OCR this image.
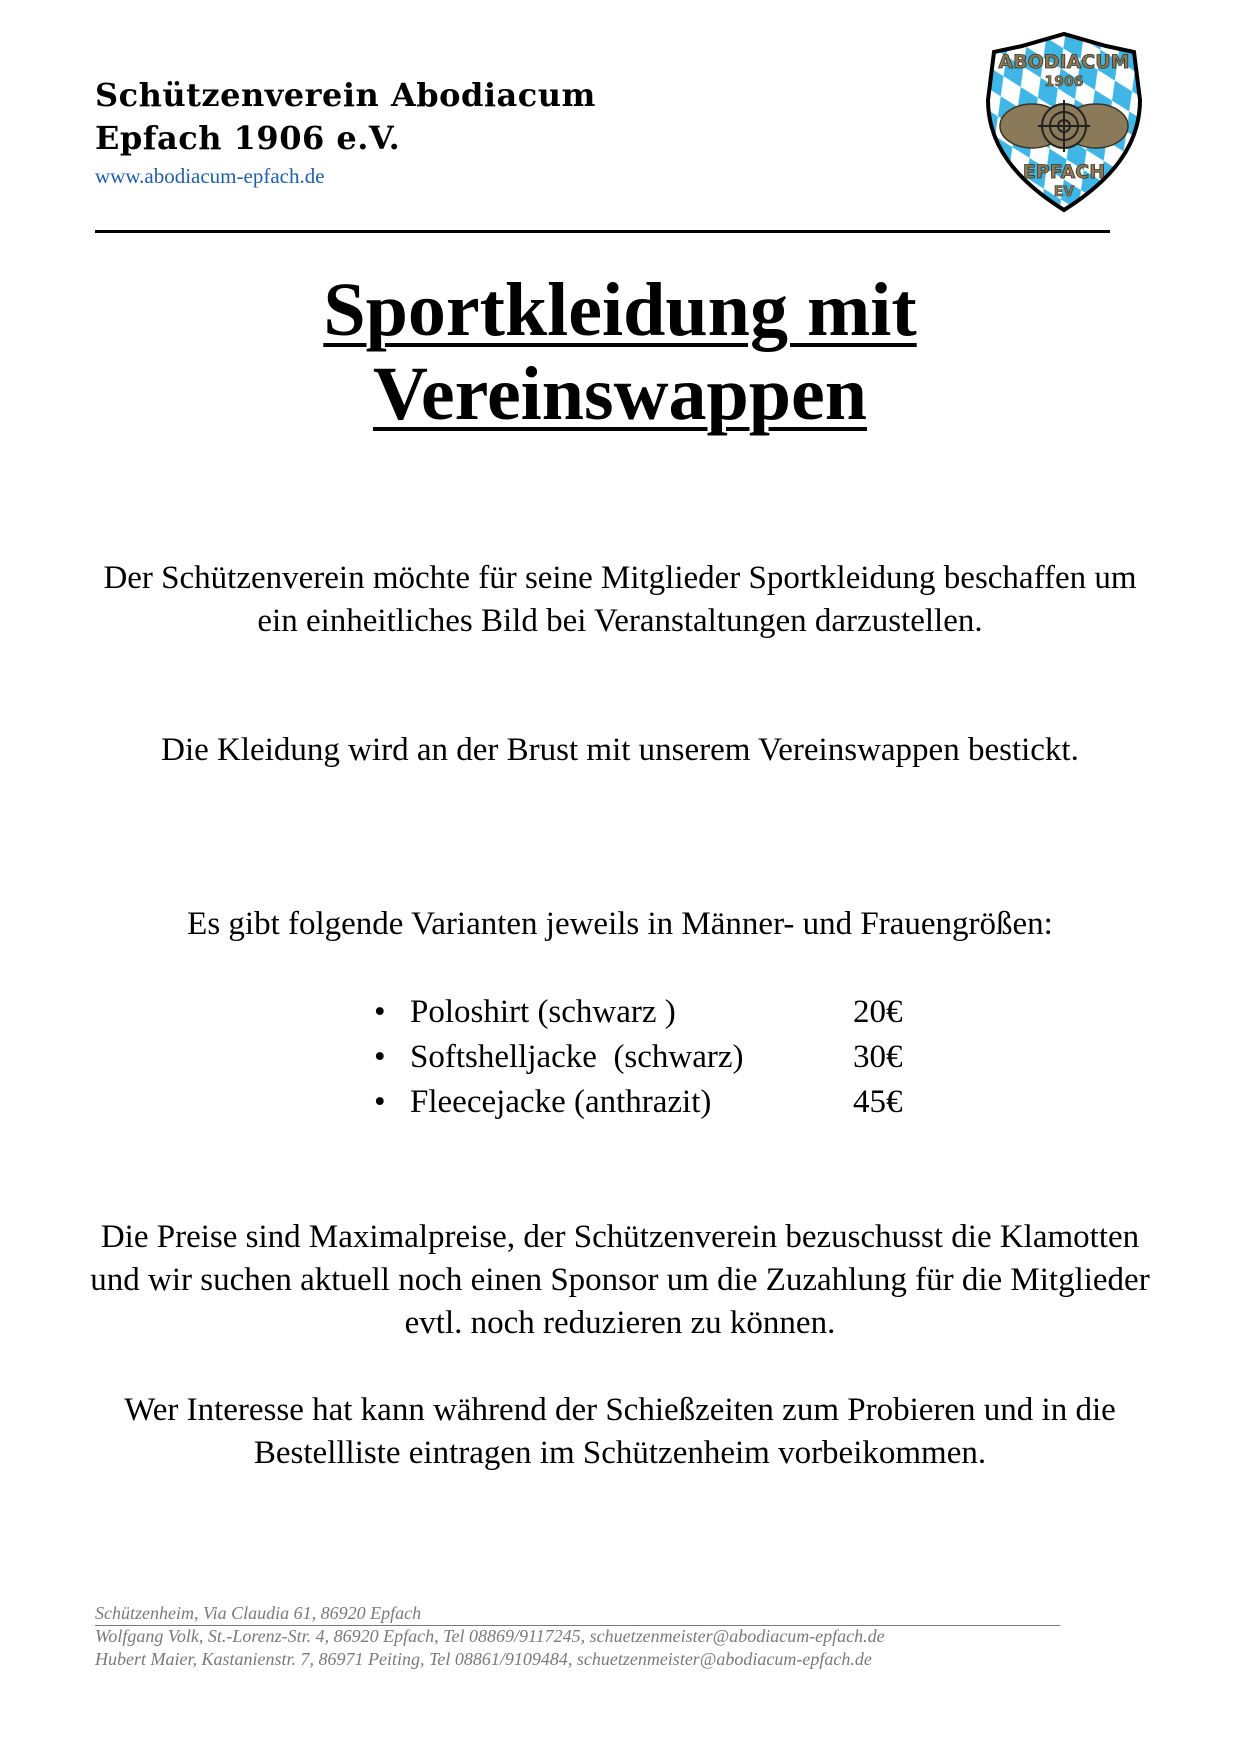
Schützenverein Abodiacum
Epfach 1906 e.V.
www.abodiacum-epfach.de
ABODIACUM
1906
EPFACH
EV
Sportkleidung mit
Vereinswappen
Der Schützenverein möchte für seine Mitglieder Sportkleidung beschaffen um ein einheitliches Bild bei Veranstaltungen darzustellen.
Die Kleidung wird an der Brust mit unserem Vereinswappen bestickt.
Es gibt folgende Varianten jeweils in Männer- und Frauengrößen:
• Poloshirt (schwarz )	20€
• Softshelljacke  (schwarz)	30€
• Fleecejacke (anthrazit)	45€
Die Preise sind Maximalpreise, der Schützenverein bezuschusst die Klamotten und wir suchen aktuell noch einen Sponsor um die Zuzahlung für die Mitglieder evtl. noch reduzieren zu können.
Wer Interesse hat kann während der Schießzeiten zum Probieren und in die Bestellliste eintragen im Schützenheim vorbeikommen.
Schützenheim, Via Claudia 61, 86920 Epfach
Wolfgang Volk, St.-Lorenz-Str. 4, 86920 Epfach, Tel 08869/9117245, schuetzenmeister@abodiacum-epfach.de
Hubert Maier, Kastanienstr. 7, 86971 Peiting, Tel 08861/9109484, schuetzenmeister@abodiacum-epfach.de
